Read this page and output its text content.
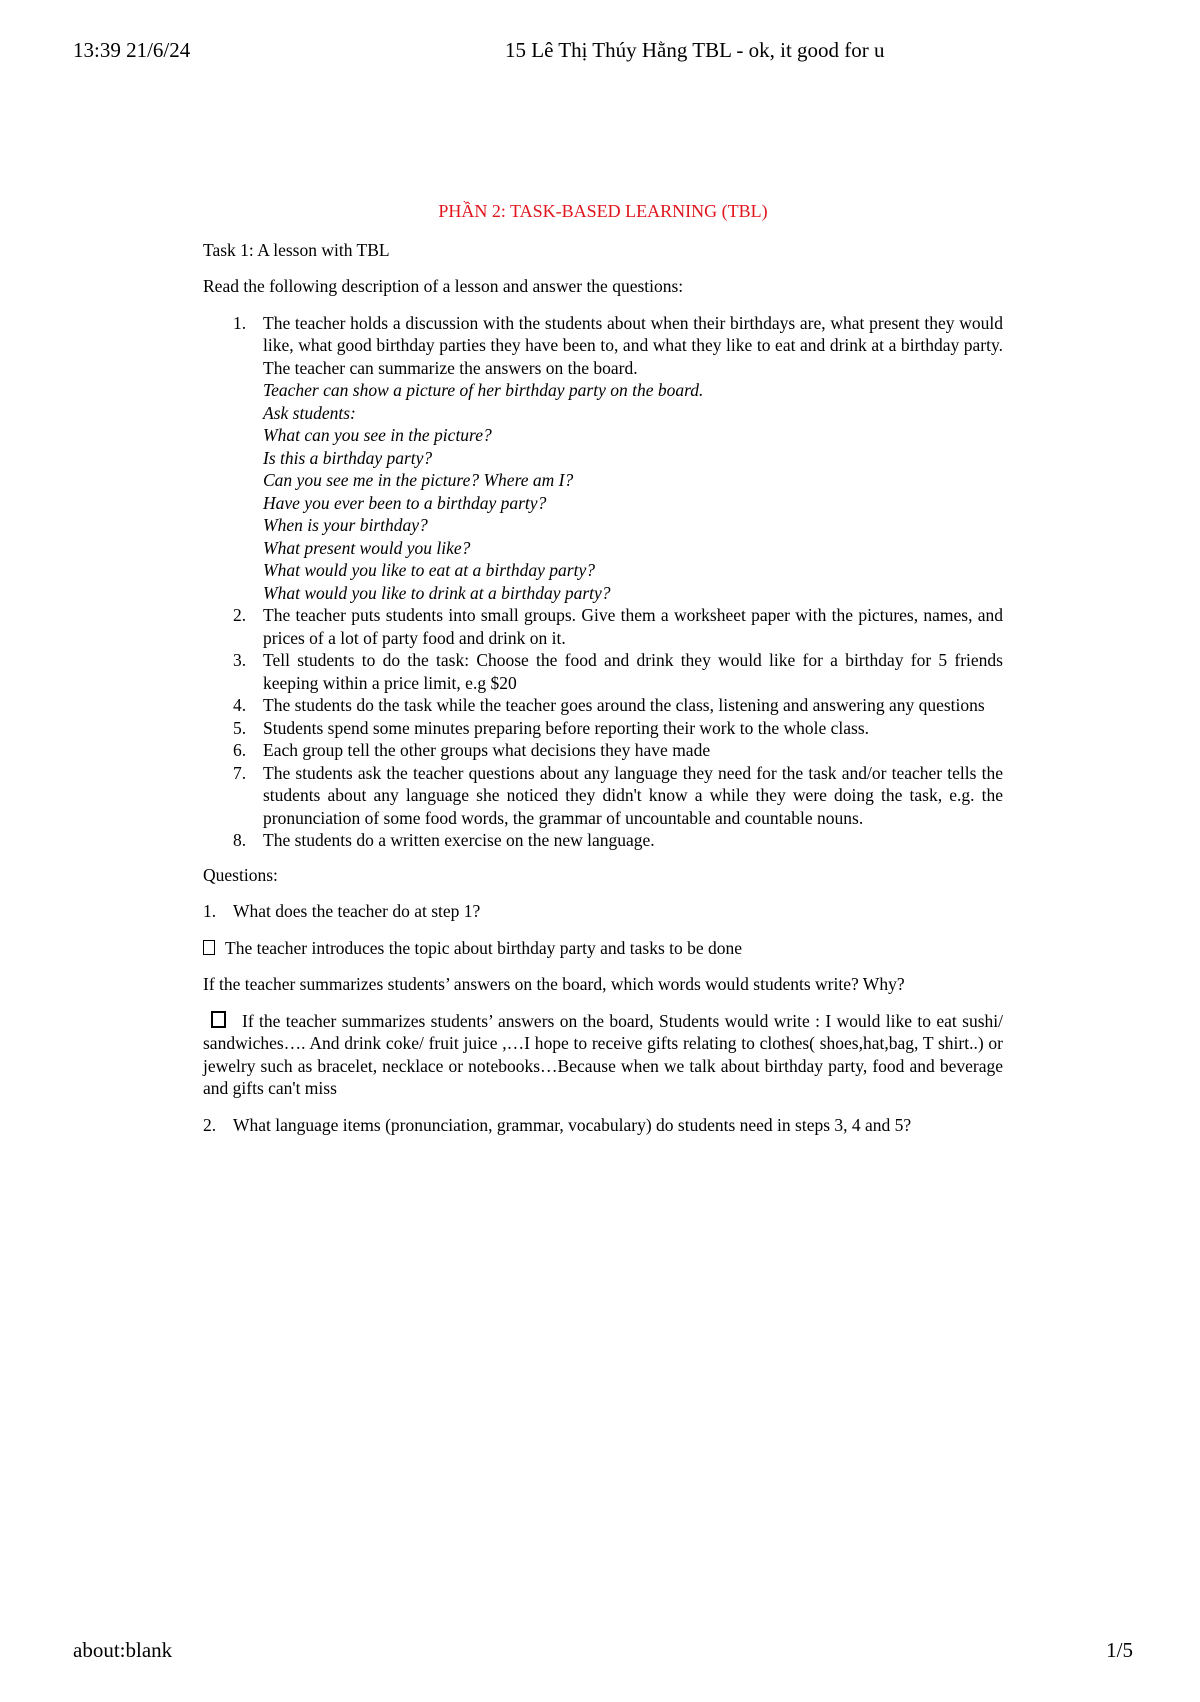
13:39 21/6/24	15 Lê Thị Thúy Hằng TBL - ok, it good for u
PHẦN 2: TASK-BASED LEARNING (TBL)
Task 1: A lesson with TBL
Read the following description of a lesson and answer the questions:
1. The teacher holds a discussion with the students about when their birthdays are, what present they would like, what good birthday parties they have been to, and what they like to eat and drink at a birthday party. The teacher can summarize the answers on the board.
Teacher can show a picture of her birthday party on the board.
Ask students:
What can you see in the picture?
Is this a birthday party?
Can you see me in the picture? Where am I?
Have you ever been to a birthday party?
When is your birthday?
What present would you like?
What would you like to eat at a birthday party?
What would you like to drink at a birthday party?
2. The teacher puts students into small groups. Give them a worksheet paper with the pictures, names, and prices of a lot of party food and drink on it.
3. Tell students to do the task: Choose the food and drink they would like for a birthday for 5 friends keeping within a price limit, e.g $20
4. The students do the task while the teacher goes around the class, listening and answering any questions
5. Students spend some minutes preparing before reporting their work to the whole class.
6. Each group tell the other groups what decisions they have made
7. The students ask the teacher questions about any language they need for the task and/or teacher tells the students about any language she noticed they didn't know a while they were doing the task, e.g. the pronunciation of some food words, the grammar of uncountable and countable nouns.
8. The students do a written exercise on the new language.
Questions:
1. What does the teacher do at step 1?
The teacher introduces the topic about birthday party and tasks to be done
If the teacher summarizes students’ answers on the board, which words would students write? Why?
If the teacher summarizes students’ answers on the board, Students would write : I would like to eat sushi/ sandwiches…. And drink coke/ fruit juice ,…I hope to receive gifts relating to clothes( shoes,hat,bag, T shirt..) or jewelry such as bracelet, necklace or notebooks…Because when we talk about birthday party, food and beverage and gifts can't miss
2. What language items (pronunciation, grammar, vocabulary) do students need in steps 3, 4 and 5?
about:blank	1/5
